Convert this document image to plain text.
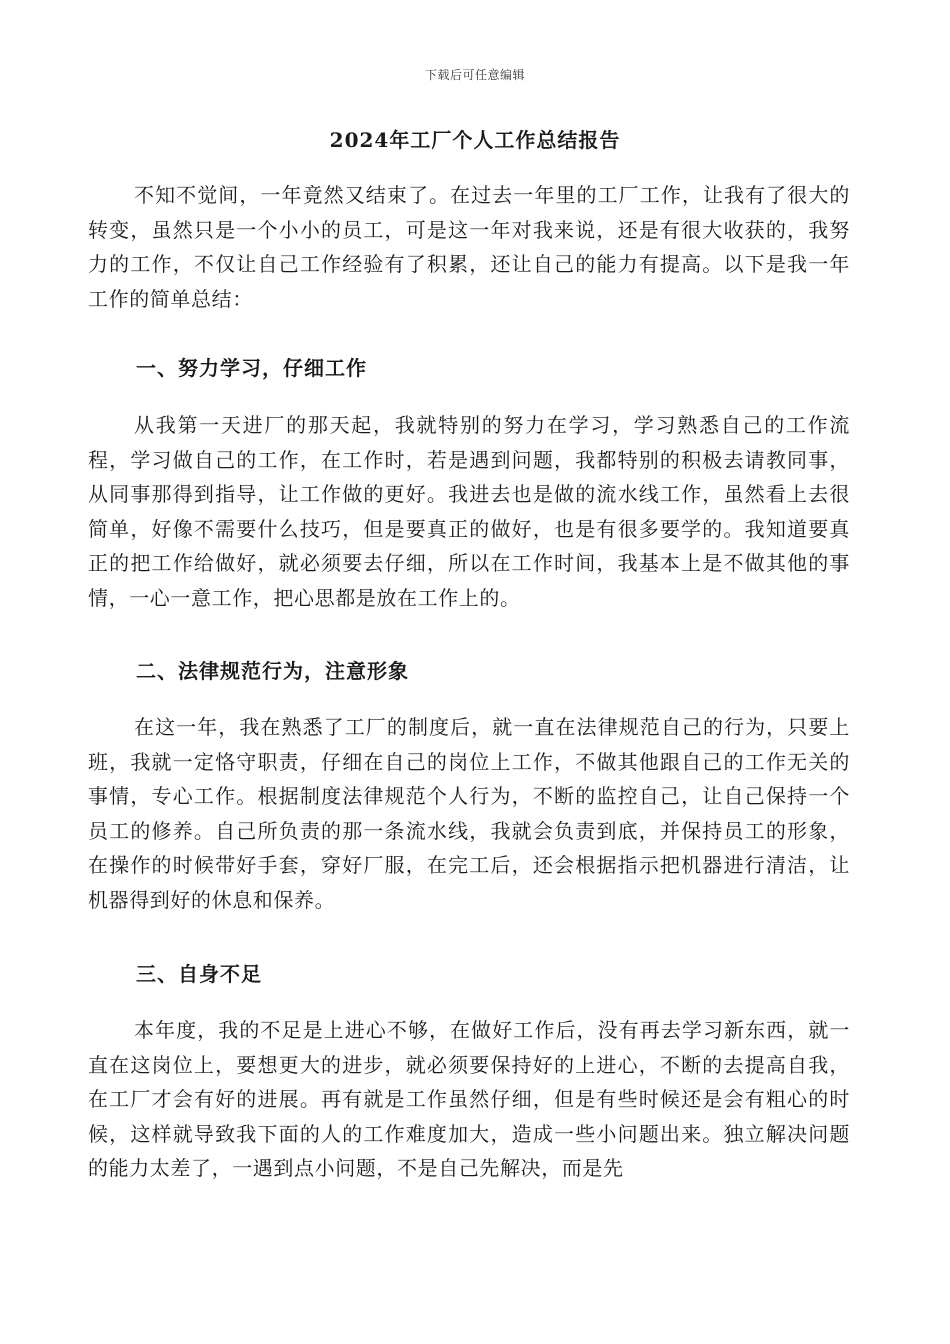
下载后可任意编辑
2024年工厂个人工作总结报告

不知不觉间，一年竟然又结束了。在过去一年里的工厂工作，让我有了很大的转变，虽然只是一个小小的员工，可是这一年对我来说，还是有很大收获的，我努力的工作，不仅让自己工作经验有了积累，还让自己的能力有提高。以下是我一年工作的简单总结：

一、努力学习，仔细工作

从我第一天进厂的那天起，我就特别的努力在学习，学习熟悉自己的工作流程，学习做自己的工作，在工作时，若是遇到问题，我都特别的积极去请教同事，从同事那得到指导，让工作做的更好。我进去也是做的流水线工作，虽然看上去很简单，好像不需要什么技巧，但是要真正的做好，也是有很多要学的。我知道要真正的把工作给做好，就必须要去仔细，所以在工作时间，我基本上是不做其他的事情，一心一意工作，把心思都是放在工作上的。

二、法律规范行为，注意形象

在这一年，我在熟悉了工厂的制度后，就一直在法律规范自己的行为，只要上班，我就一定恪守职责，仔细在自己的岗位上工作，不做其他跟自己的工作无关的事情，专心工作。根据制度法律规范个人行为，不断的监控自己，让自己保持一个员工的修养。自己所负责的那一条流水线，我就会负责到底，并保持员工的形象，在操作的时候带好手套，穿好厂服，在完工后，还会根据指示把机器进行清洁，让机器得到好的休息和保养。

三、自身不足

本年度，我的不足是上进心不够，在做好工作后，没有再去学习新东西，就一直在这岗位上，要想更大的进步，就必须要保持好的上进心，不断的去提高自我，在工厂才会有好的进展。再有就是工作虽然仔细，但是有些时候还是会有粗心的时候，这样就导致我下面的人的工作难度加大，造成一些小问题出来。独立解决问题的能力太差了，一遇到点小问题，不是自己先解决，而是先
